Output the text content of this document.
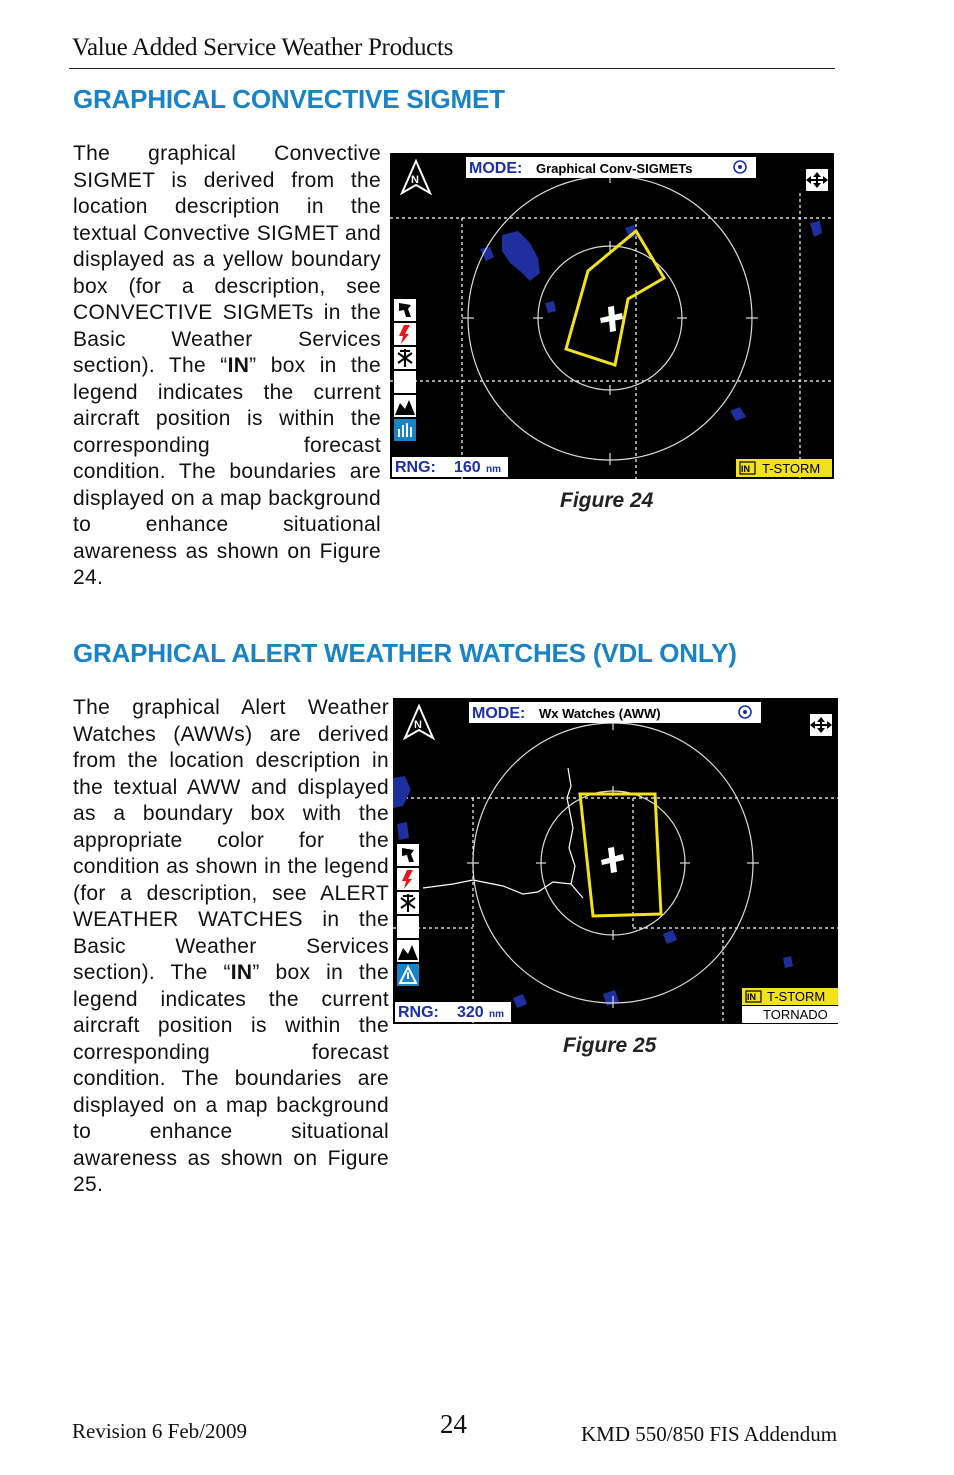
Value Added Service Weather Products
GRAPHICAL CONVECTIVE SIGMET

The graphical Convective SIGMET is derived from the location description in the textual Convective SIGMET and displayed as a yellow boundary box (for a description, see CONVECTIVE SIGMETs in the Basic Weather Services section). The “IN” box in the legend indicates the current aircraft position is within the corresponding forecast condition. The boundaries are displayed on a map background to enhance situational awareness as shown on Figure 24.

N
MODE: Graphical Conv-SIGMETs
RNG: 160 nm	IN T-STORM
Figure 24
GRAPHICAL ALERT WEATHER WATCHES (VDL ONLY)

The graphical Alert Weather Watches (AWWs) are derived from the location description in the textual AWW and displayed as a boundary box with the appropriate color for the condition as shown in the legend (for a description, see ALERT WEATHER WATCHES in the Basic Weather Services section). The “IN” box in the legend indicates the current aircraft position is within the corresponding forecast condition. The boundaries are displayed on a map background to enhance situational awareness as shown on Figure 25.

N
MODE: Wx Watches (AWW)
RNG: 320 nm
IN T-STORM
TORNADO
Figure 25
Revision 6 Feb/2009	24	KMD 550/850 FIS Addendum
